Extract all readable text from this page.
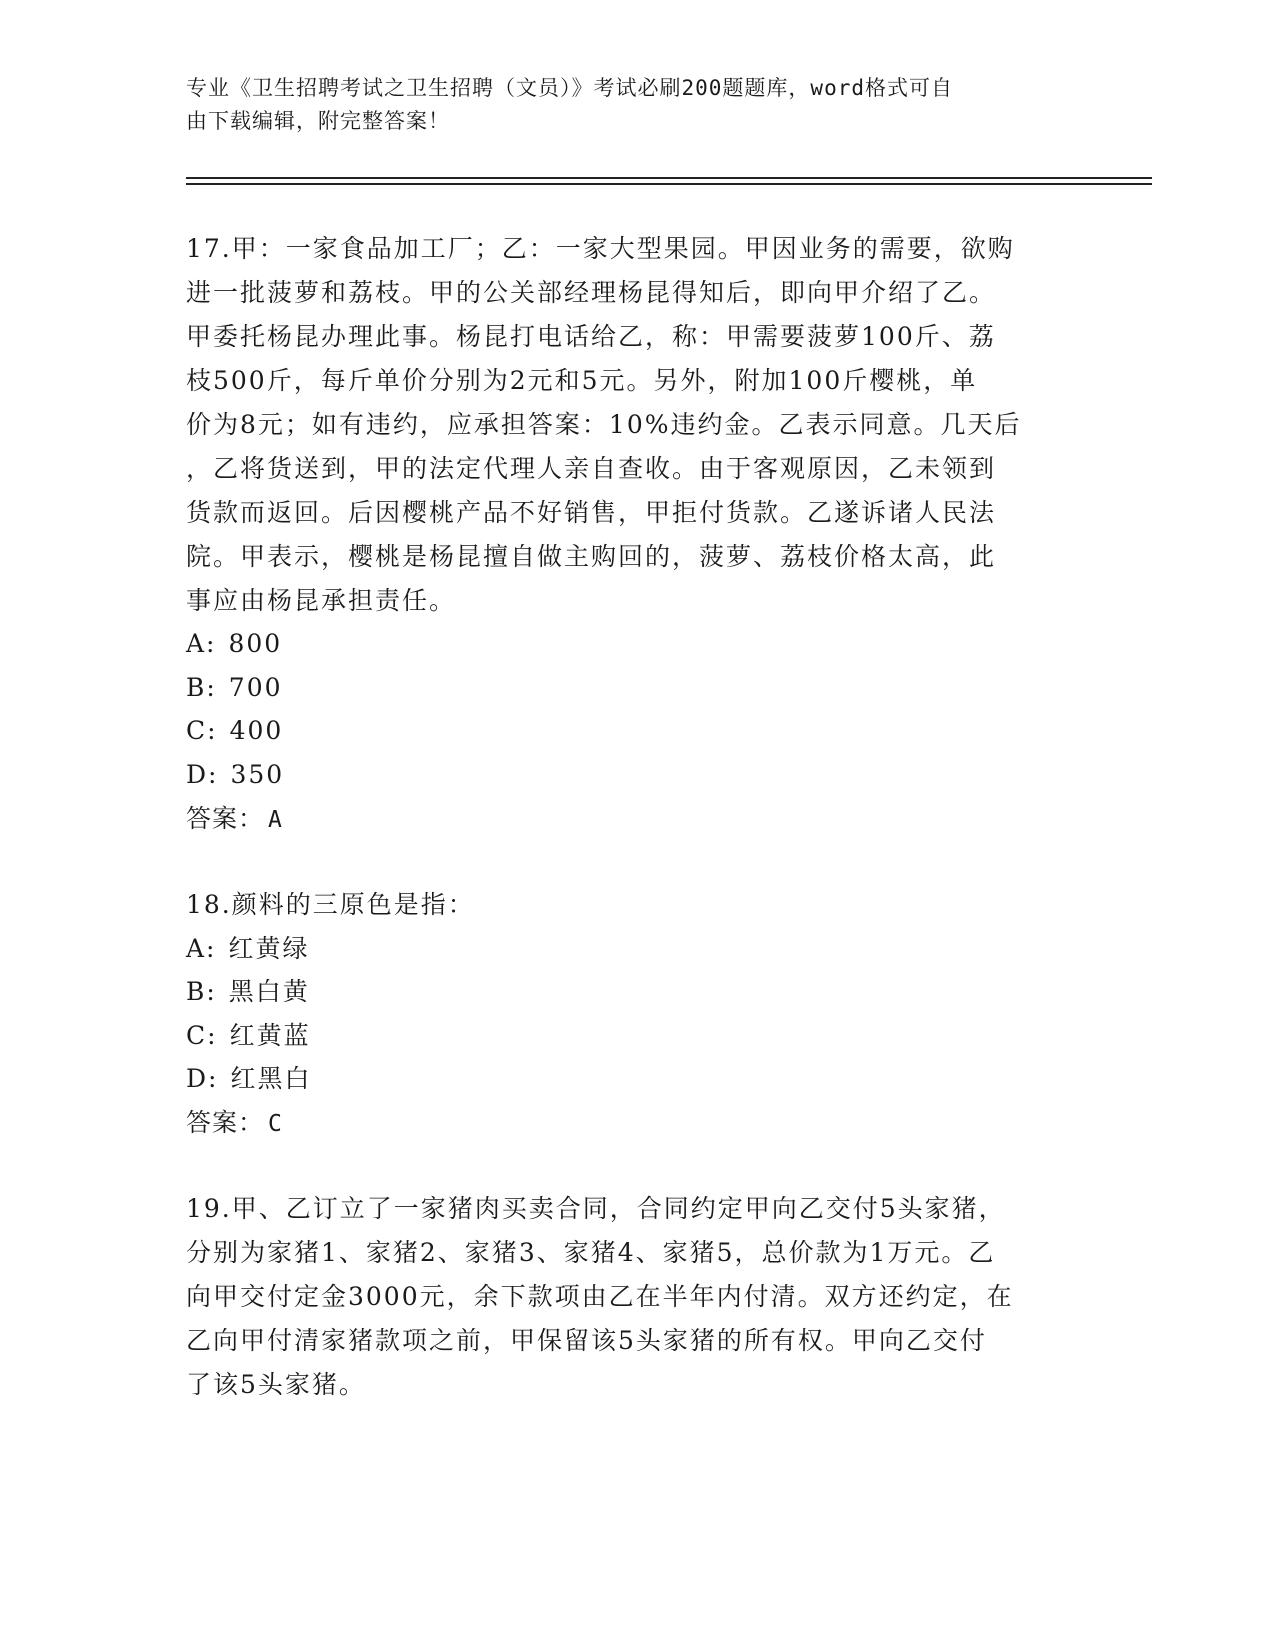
专业《卫生招聘考试之卫生招聘（文员）》考试必刷200题题库，word格式可自
由下载编辑，附完整答案！
17.甲：一家食品加工厂；乙：一家大型果园。甲因业务的需要，欲购
进一批菠萝和荔枝。甲的公关部经理杨昆得知后，即向甲介绍了乙。
甲委托杨昆办理此事。杨昆打电话给乙，称：甲需要菠萝100斤、荔
枝500斤，每斤单价分别为2元和5元。另外，附加100斤樱桃，单
价为8元；如有违约，应承担答案：10%违约金。乙表示同意。几天后
，乙将货送到，甲的法定代理人亲自查收。由于客观原因，乙未领到
货款而返回。后因樱桃产品不好销售，甲拒付货款。乙遂诉诸人民法
院。甲表示，樱桃是杨昆擅自做主购回的，菠萝、荔枝价格太高，此
事应由杨昆承担责任。
A: 800
B: 700
C: 400
D: 350
答案： A
18.颜料的三原色是指：
A: 红黄绿
B: 黑白黄
C: 红黄蓝
D: 红黑白
答案： C
19.甲、乙订立了一家猪肉买卖合同，合同约定甲向乙交付5头家猪，
分别为家猪1、家猪2、家猪3、家猪4、家猪5，总价款为1万元。乙
向甲交付定金3000元，余下款项由乙在半年内付清。双方还约定，在
乙向甲付清家猪款项之前，甲保留该5头家猪的所有权。甲向乙交付
了该5头家猪。
